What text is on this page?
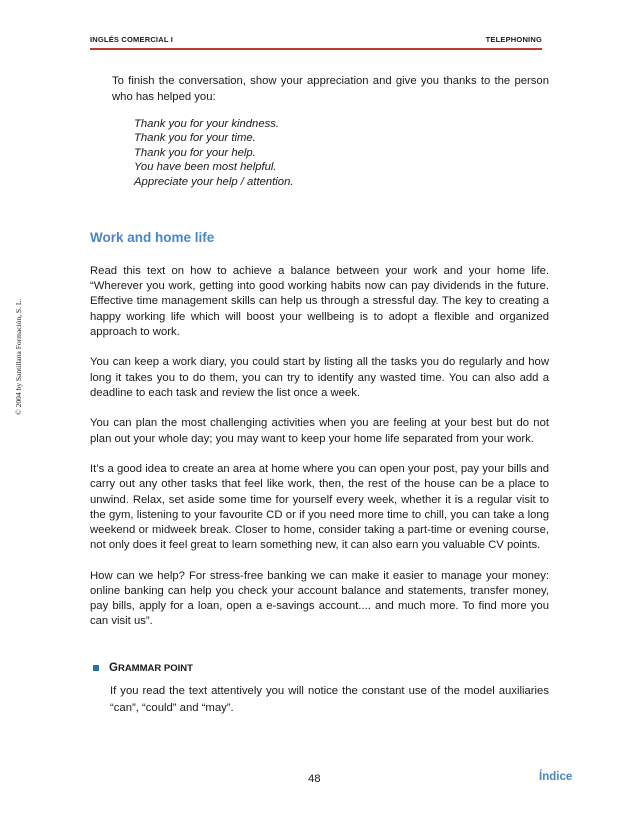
INGLÉS COMERCIAL I	TELEPHONING
© 2004 by Santillana Formación, S. L.
To finish the conversation, show your appreciation and give you thanks to the person who has helped you:
Thank you for your kindness.
Thank you for your time.
Thank you for your help.
You have been most helpful.
Appreciate your help / attention.
Work and home life

Read this text on how to achieve a balance between your work and your home life. “Wherever you work, getting into good working habits now can pay dividends in the future. Effective time management skills can help us through a stressful day. The key to creating a happy working life which will boost your wellbeing is to adopt a flexible and organized approach to work.

You can keep a work diary, you could start by listing all the tasks you do regularly and how long it takes you to do them, you can try to identify any wasted time. You can also add a deadline to each task and review the list once a week.

You can plan the most challenging activities when you are feeling at your best but do not plan out your whole day; you may want to keep your home life separated from your work.

It’s a good idea to create an area at home where you can open your post, pay your bills and carry out any other tasks that feel like work, then, the rest of the house can be a place to unwind. Relax, set aside some time for yourself every week, whether it is a regular visit to the gym, listening to your favourite CD or if you need more time to chill, you can take a long weekend or midweek break. Closer to home, consider taking a part-time or evening course, not only does it feel great to learn something new, it can also earn you valuable CV points.

How can we help? For stress-free banking we can make it easier to manage your money: online banking can help you check your account balance and statements, transfer money, pay bills, apply for a loan, open a e-savings account.... and much more. To find more you can visit us”.

GRAMMAR POINT
If you read the text attentively you will notice the constant use of the model auxiliaries “can”, “could” and “may”.
48	Índice
